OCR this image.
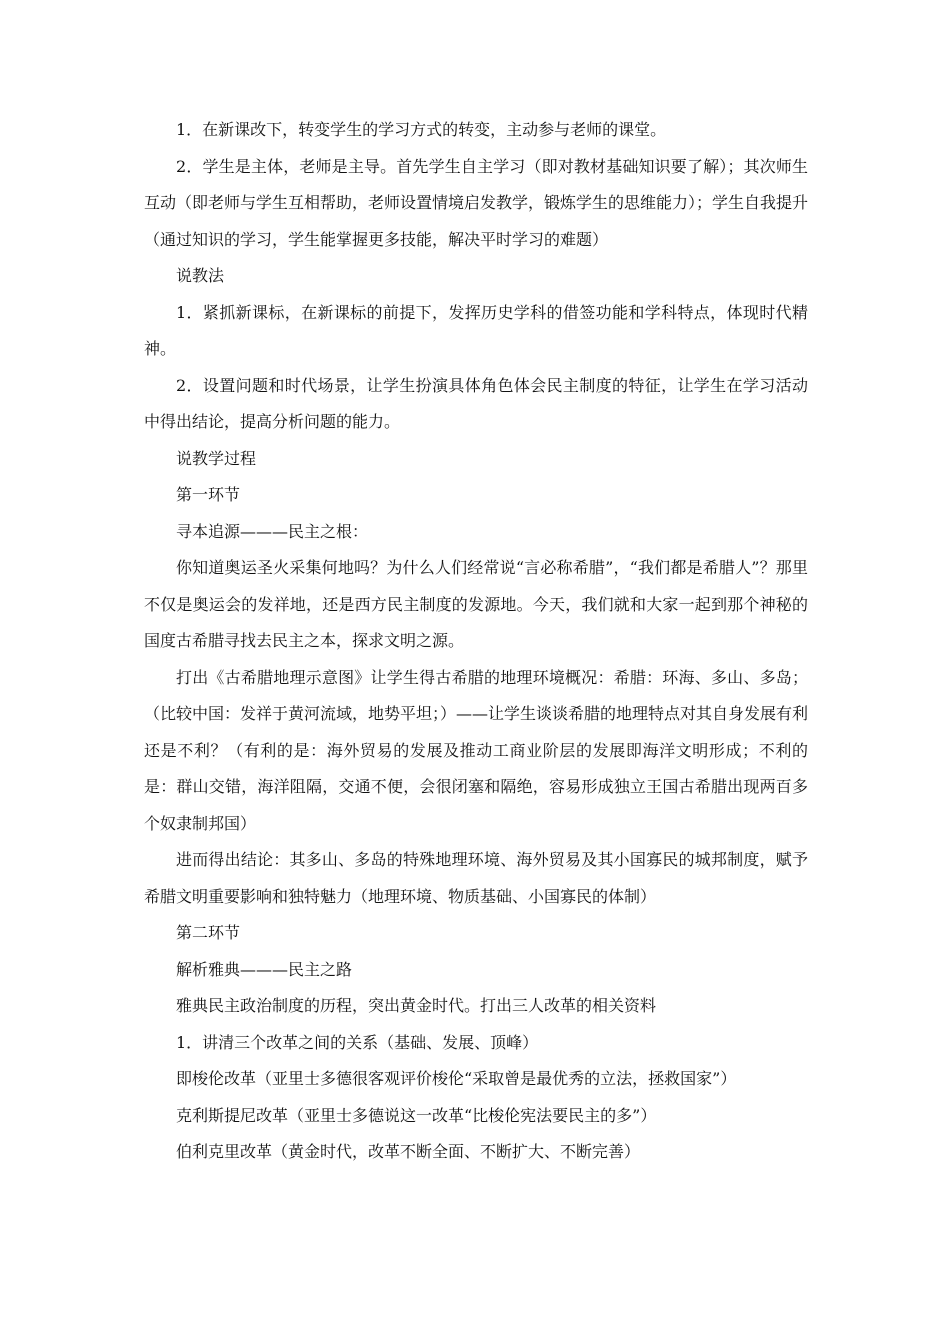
1．在新课改下，转变学生的学习方式的转变，主动参与老师的课堂。

2．学生是主体，老师是主导。首先学生自主学习（即对教材基础知识要了解）；其次师生互动（即老师与学生互相帮助，老师设置情境启发教学，锻炼学生的思维能力）；学生自我提升（通过知识的学习，学生能掌握更多技能，解决平时学习的难题）

说教法

1．紧抓新课标，在新课标的前提下，发挥历史学科的借签功能和学科特点，体现时代精神。

2．设置问题和时代场景，让学生扮演具体角色体会民主制度的特征，让学生在学习活动中得出结论，提高分析问题的能力。

说教学过程

第一环节

寻本追源———民主之根：

你知道奥运圣火采集何地吗？为什么人们经常说“言必称希腊”，“我们都是希腊人”？那里不仅是奥运会的发祥地，还是西方民主制度的发源地。今天，我们就和大家一起到那个神秘的国度古希腊寻找去民主之本，探求文明之源。

打出《古希腊地理示意图》让学生得古希腊的地理环境概况：希腊：环海、多山、多岛；（比较中国：发祥于黄河流域，地势平坦；）——让学生谈谈希腊的地理特点对其自身发展有利还是不利？（有利的是：海外贸易的发展及推动工商业阶层的发展即海洋文明形成；不利的是：群山交错，海洋阻隔，交通不便，会很闭塞和隔绝，容易形成独立王国古希腊出现两百多个奴隶制邦国）

进而得出结论：其多山、多岛的特殊地理环境、海外贸易及其小国寡民的城邦制度，赋予希腊文明重要影响和独特魅力（地理环境、物质基础、小国寡民的体制）

第二环节

解析雅典———民主之路

雅典民主政治制度的历程，突出黄金时代。打出三人改革的相关资料

1．讲清三个改革之间的关系（基础、发展、顶峰）

即梭伦改革（亚里士多德很客观评价梭伦“采取曾是最优秀的立法，拯救国家”）

克利斯提尼改革（亚里士多德说这一改革“比梭伦宪法要民主的多”）

伯利克里改革（黄金时代，改革不断全面、不断扩大、不断完善）
